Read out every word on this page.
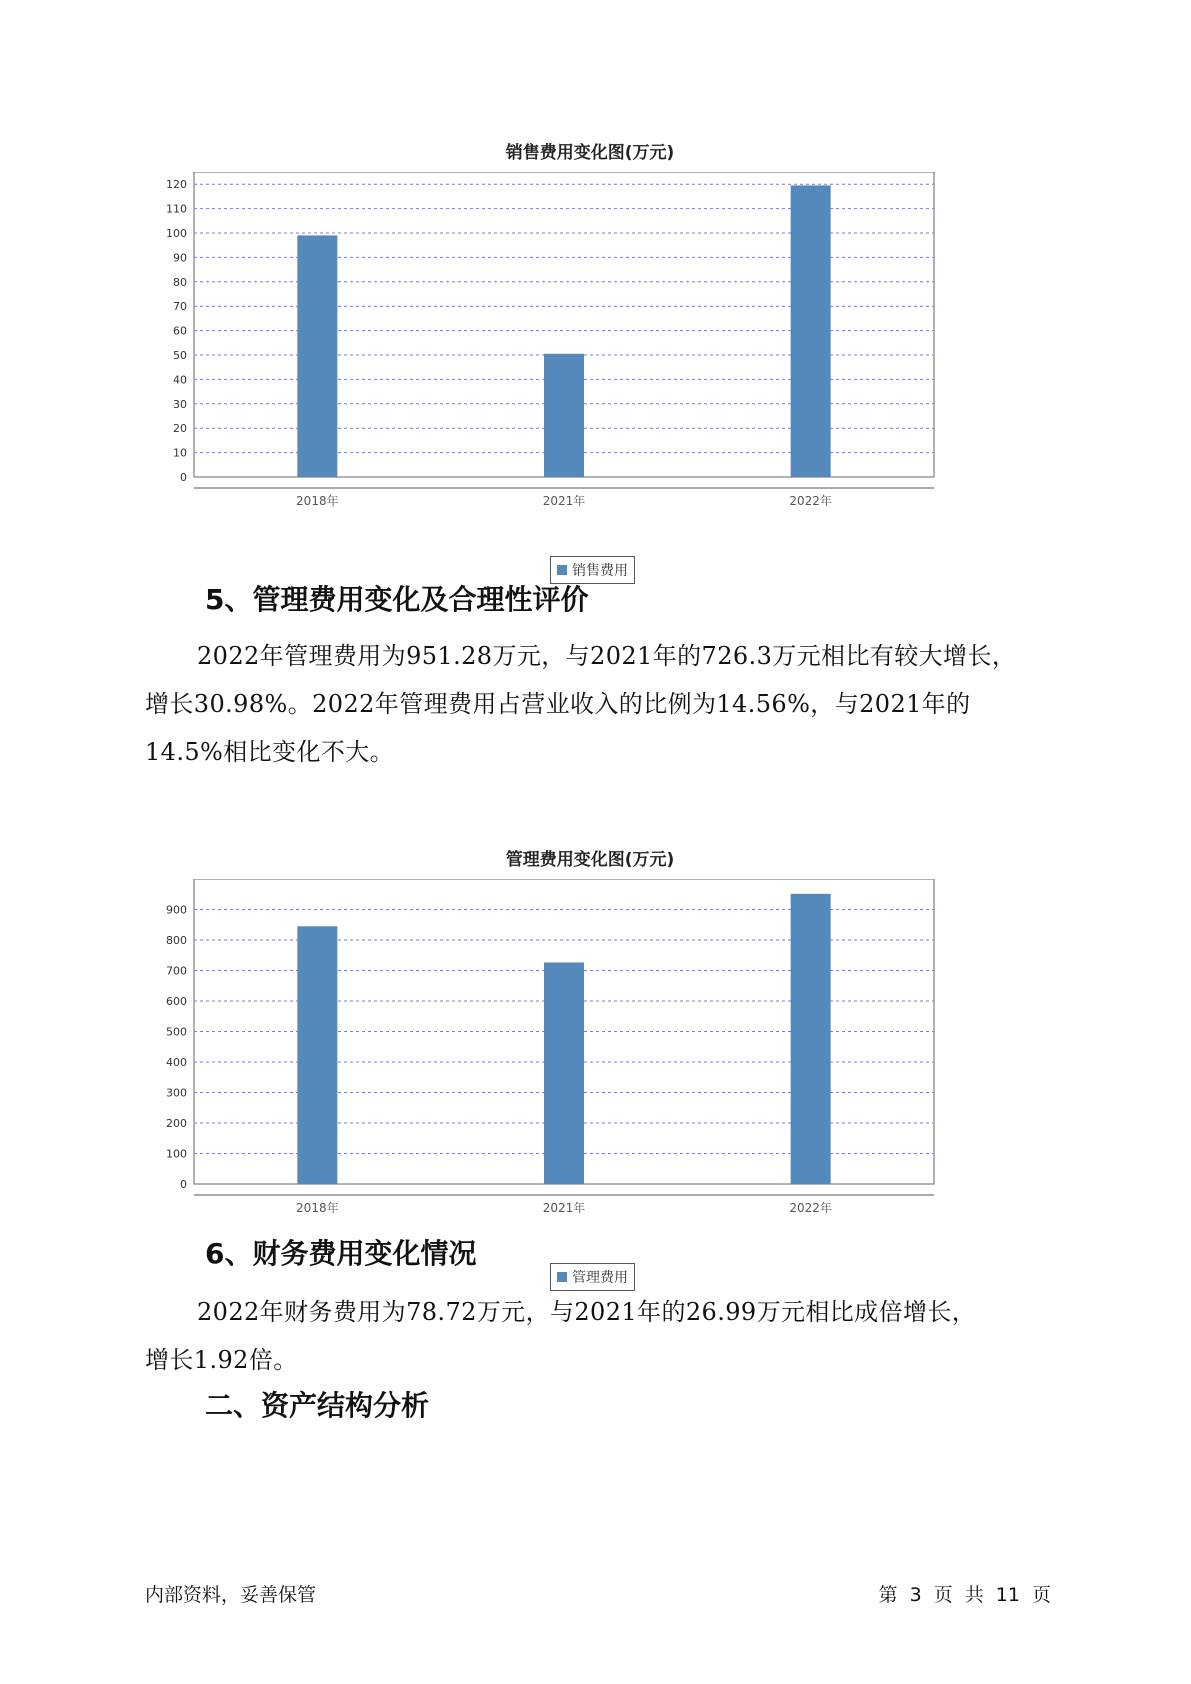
销售费用变化图(万元)
0
10
20
30
40
50
60
70
80
90
100
110
120
2018年	2021年	2022年
销售费用
5、管理费用变化及合理性评价
2022年管理费用为951.28万元，与2021年的726.3万元相比有较大增长，
增长30.98%。2022年管理费用占营业收入的比例为14.56%，与2021年的
14.5%相比变化不大。
管理费用变化图(万元)
0
100
200
300
400
500
600
700
800
900
2018年	2021年	2022年
管理费用
6、财务费用变化情况
2022年财务费用为78.72万元，与2021年的26.99万元相比成倍增长，
增长1.92倍。
二、资产结构分析
内部资料，妥善保管	第 3 页 共 11 页
